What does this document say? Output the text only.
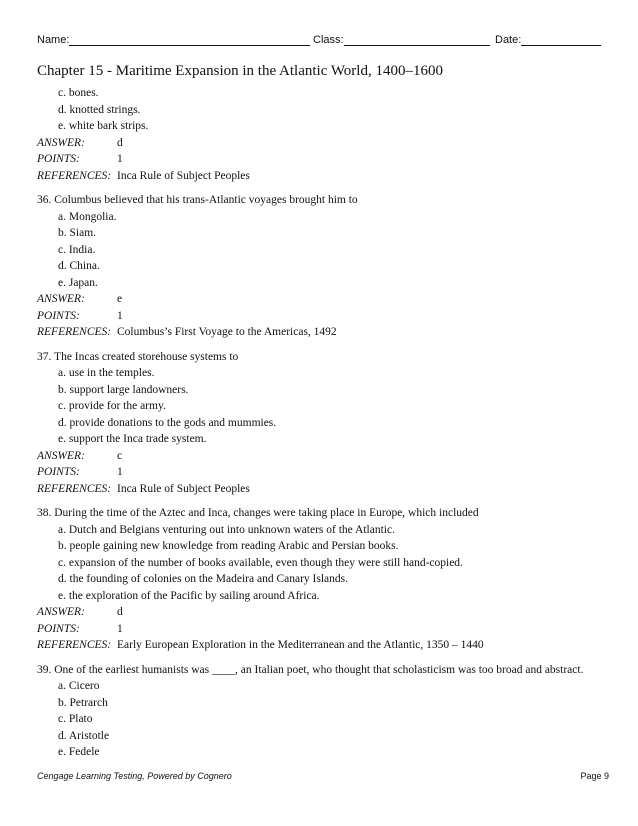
Name:	Class:	Date:
Chapter 15 - Maritime Expansion in the Atlantic World, 1400–1600
c. bones.
d. knotted strings.
e. white bark strips.
ANSWER:	d
POINTS:	1
REFERENCES: Inca Rule of Subject Peoples
36. Columbus believed that his trans-Atlantic voyages brought him to
a. Mongolia.
b. Siam.
c. India.
d. China.
e. Japan.
ANSWER:	e
POINTS:	1
REFERENCES: Columbus’s First Voyage to the Americas, 1492
37. The Incas created storehouse systems to
a. use in the temples.
b. support large landowners.
c. provide for the army.
d. provide donations to the gods and mummies.
e. support the Inca trade system.
ANSWER:	c
POINTS:	1
REFERENCES: Inca Rule of Subject Peoples
38. During the time of the Aztec and Inca, changes were taking place in Europe, which included
a. Dutch and Belgians venturing out into unknown waters of the Atlantic.
b. people gaining new knowledge from reading Arabic and Persian books.
c. expansion of the number of books available, even though they were still hand-copied.
d. the founding of colonies on the Madeira and Canary Islands.
e. the exploration of the Pacific by sailing around Africa.
ANSWER:	d
POINTS:	1
REFERENCES: Early European Exploration in the Mediterranean and the Atlantic, 1350 – 1440
39. One of the earliest humanists was ____, an Italian poet, who thought that scholasticism was too broad and abstract.
a. Cicero
b. Petrarch
c. Plato
d. Aristotle
e. Fedele
Cengage Learning Testing, Powered by Cognero	Page 9
